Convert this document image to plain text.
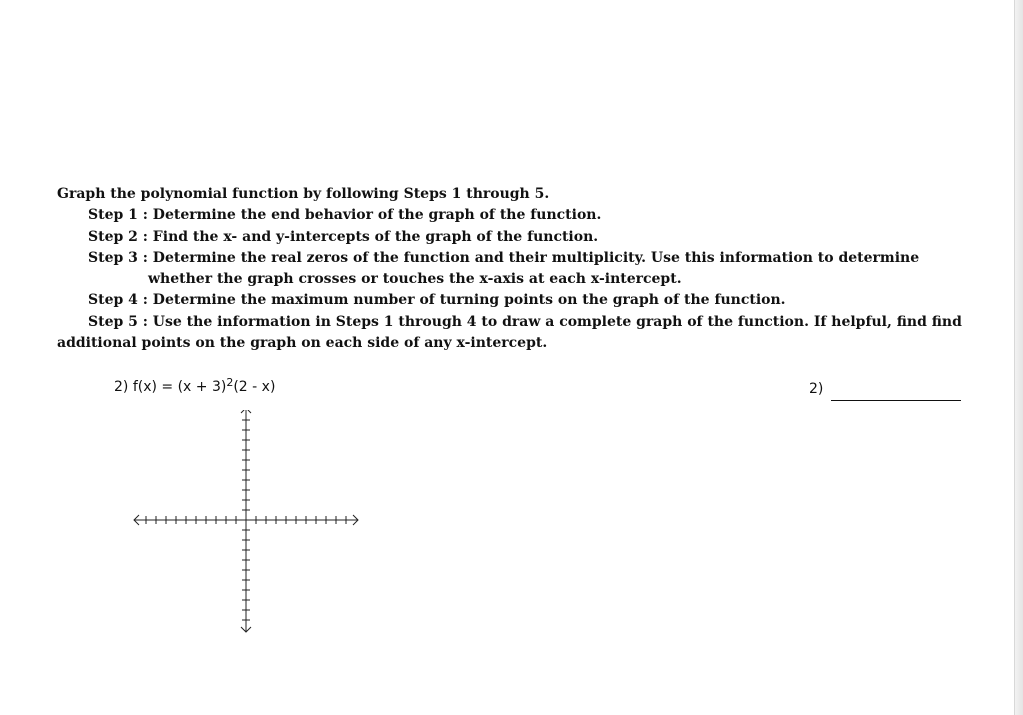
Graph the polynomial function by following Steps 1 through 5.
Step 1 : Determine the end behavior of the graph of the function.
Step 2 : Find the x- and y-intercepts of the graph of the function.
Step 3 : Determine the real zeros of the function and their multiplicity. Use this information to determine
whether the graph crosses or touches the x-axis at each x-intercept.
Step 4 : Determine the maximum number of turning points on the graph of the function.
Step 5 : Use the information in Steps 1 through 4 to draw a complete graph of the function. If helpful, find find
additional points on the graph on each side of any x-intercept.
2) $f(x) = (x + 3)^2(2 - x)$	2)
